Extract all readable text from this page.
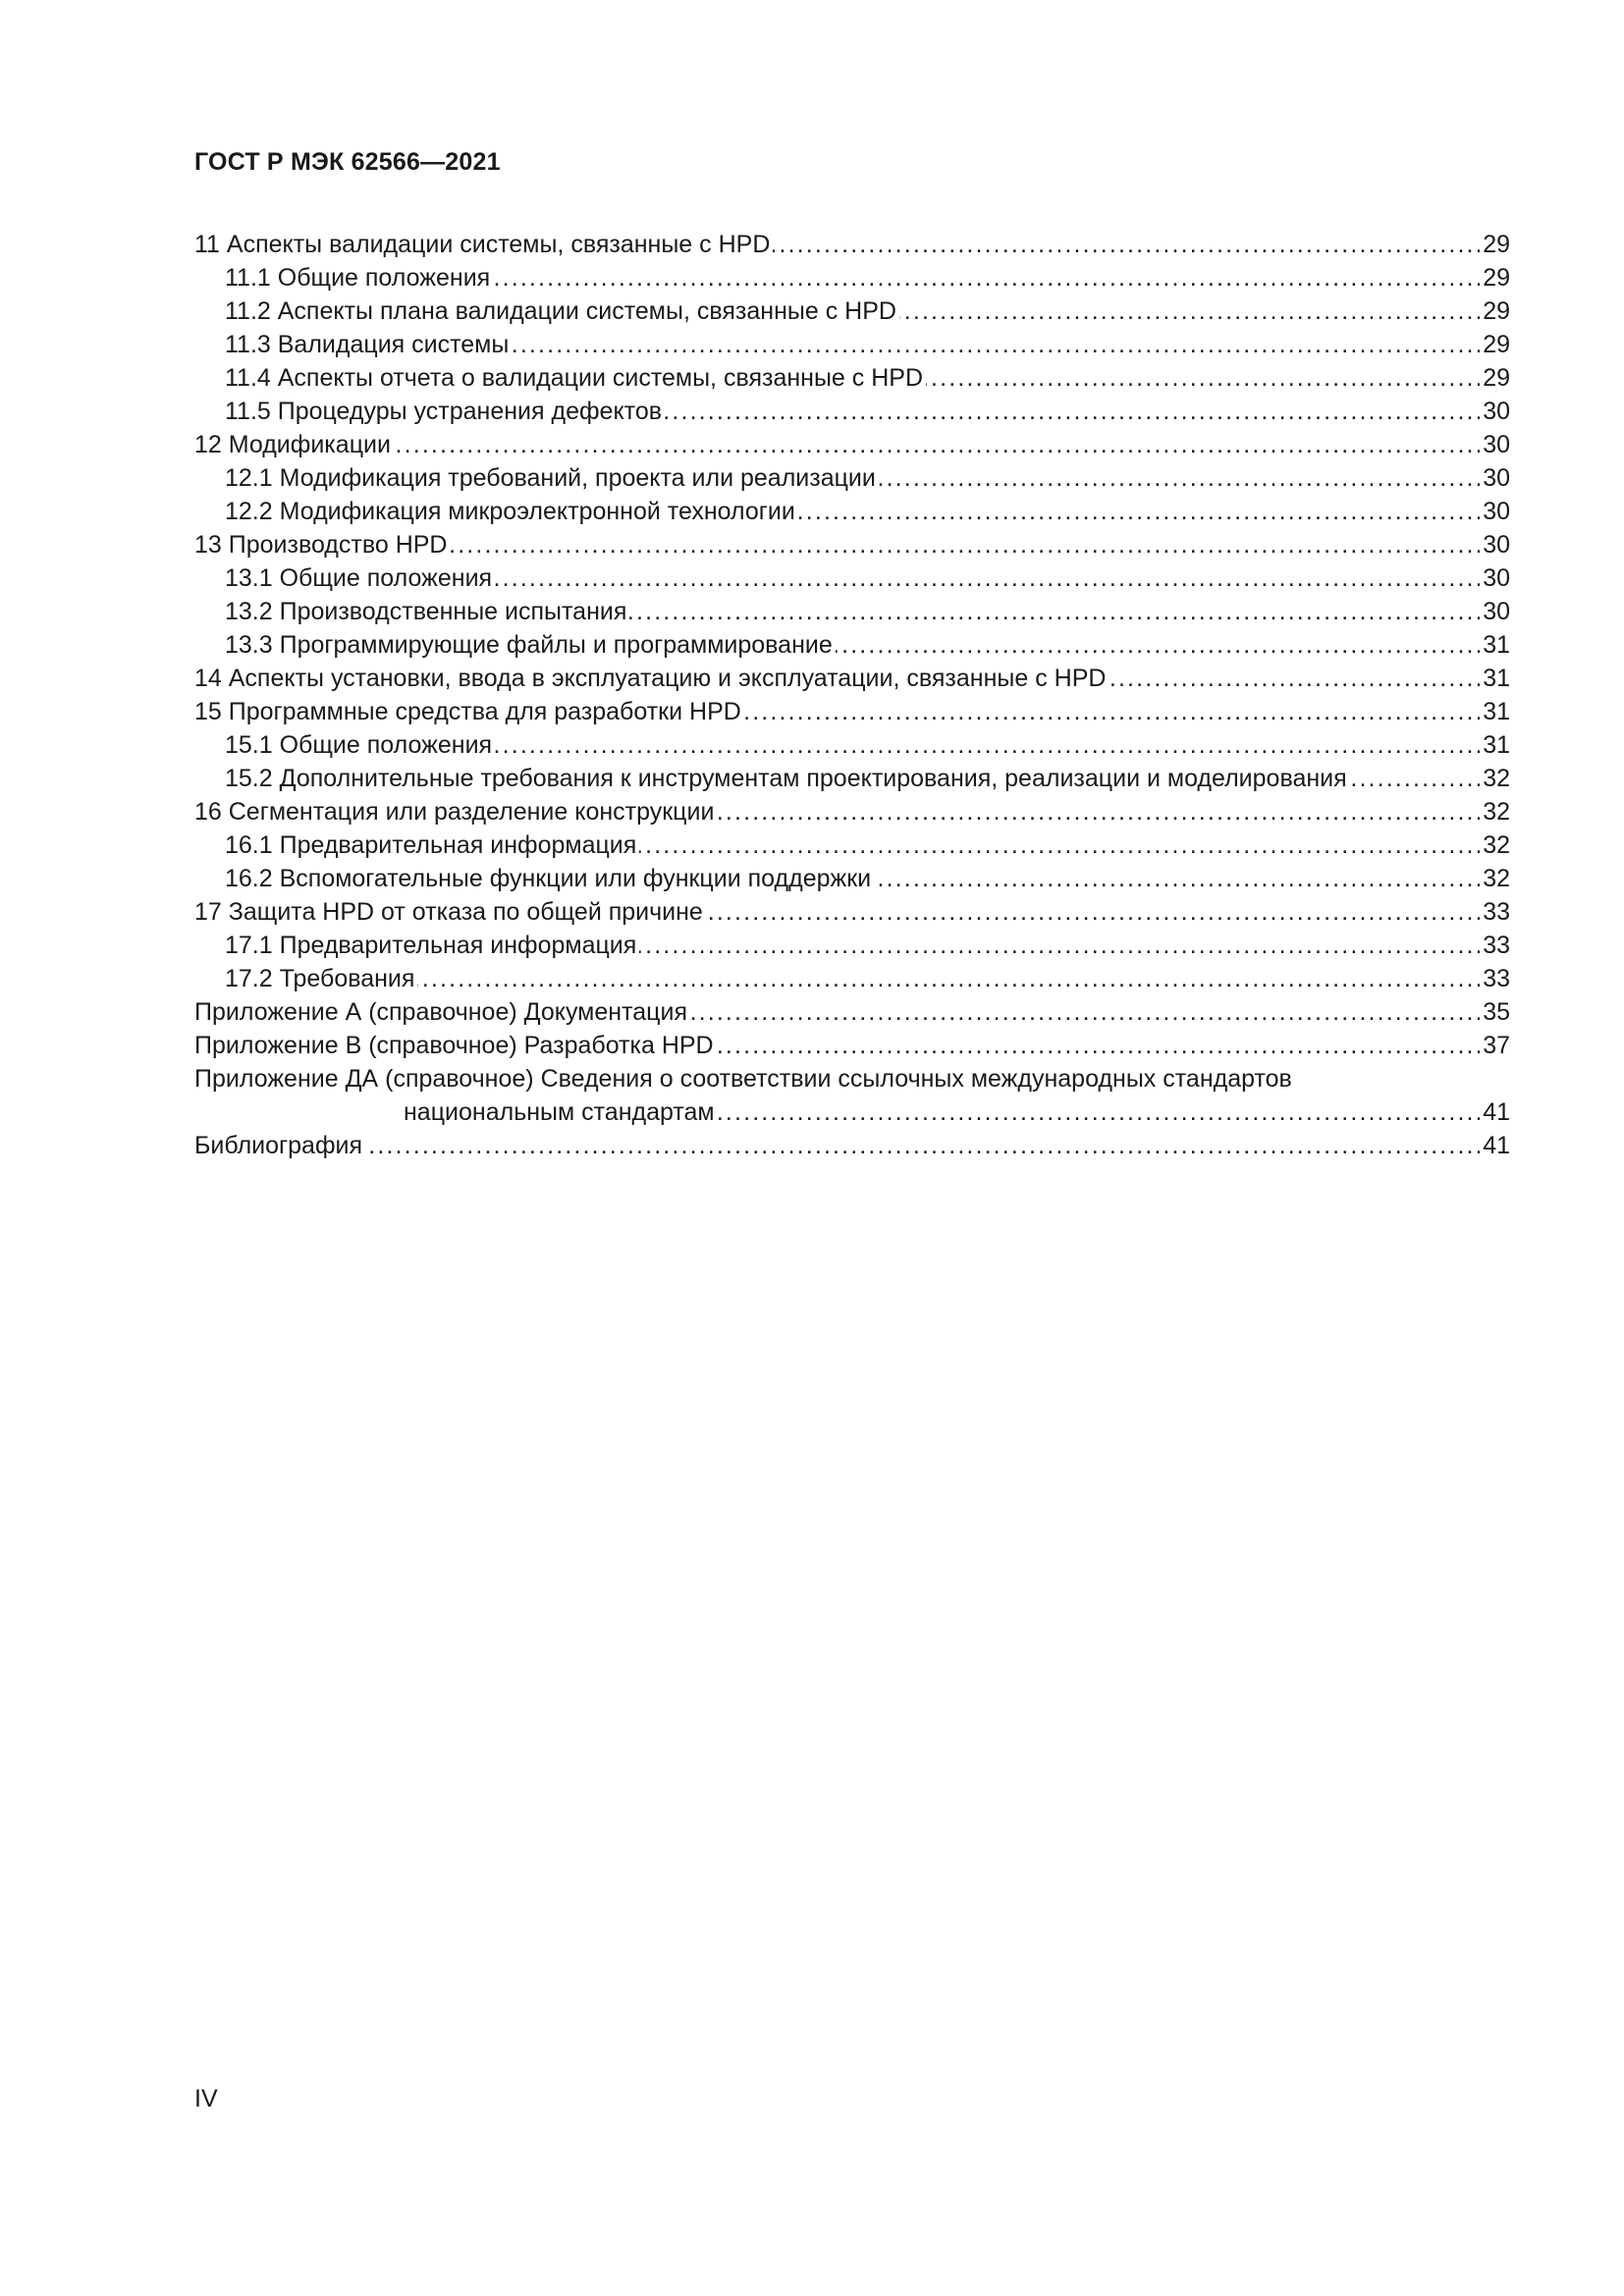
ГОСТ Р МЭК 62566—2021
11 Аспекты валидации системы, связанные с HPD . . .	29
11.1 Общие положения . . .	29
11.2 Аспекты плана валидации системы, связанные с HPD . . .	29
11.3 Валидация системы . . .	29
11.4 Аспекты отчета о валидации системы, связанные с HPD . . .	29
11.5 Процедуры устранения дефектов . . .	30
12 Модификации . . .	30
12.1 Модификация требований, проекта или реализации . . .	30
12.2 Модификация микроэлектронной технологии . . .	30
13 Производство HPD . . .	30
13.1 Общие положения . . .	30
13.2 Производственные испытания . . .	30
13.3 Программирующие файлы и программирование . . .	31
14 Аспекты установки, ввода в эксплуатацию и эксплуатации, связанные с HPD . . .	31
15 Программные средства для разработки HPD . . .	31
15.1 Общие положения . . .	31
15.2 Дополнительные требования к инструментам проектирования, реализации и моделирования . . .	32
16 Сегментация или разделение конструкции . . .	32
16.1 Предварительная информация . . .	32
16.2 Вспомогательные функции или функции поддержки . . .	32
17 Защита HPD от отказа по общей причине . . .	33
17.1 Предварительная информация . . .	33
17.2 Требования . . .	33
Приложение А (справочное) Документация . . .	35
Приложение В (справочное) Разработка HPD . . .	37
Приложение ДА (справочное) Сведения о соответствии ссылочных международных стандартов
национальным стандартам . . .	41
Библиография . . .	41
IV
